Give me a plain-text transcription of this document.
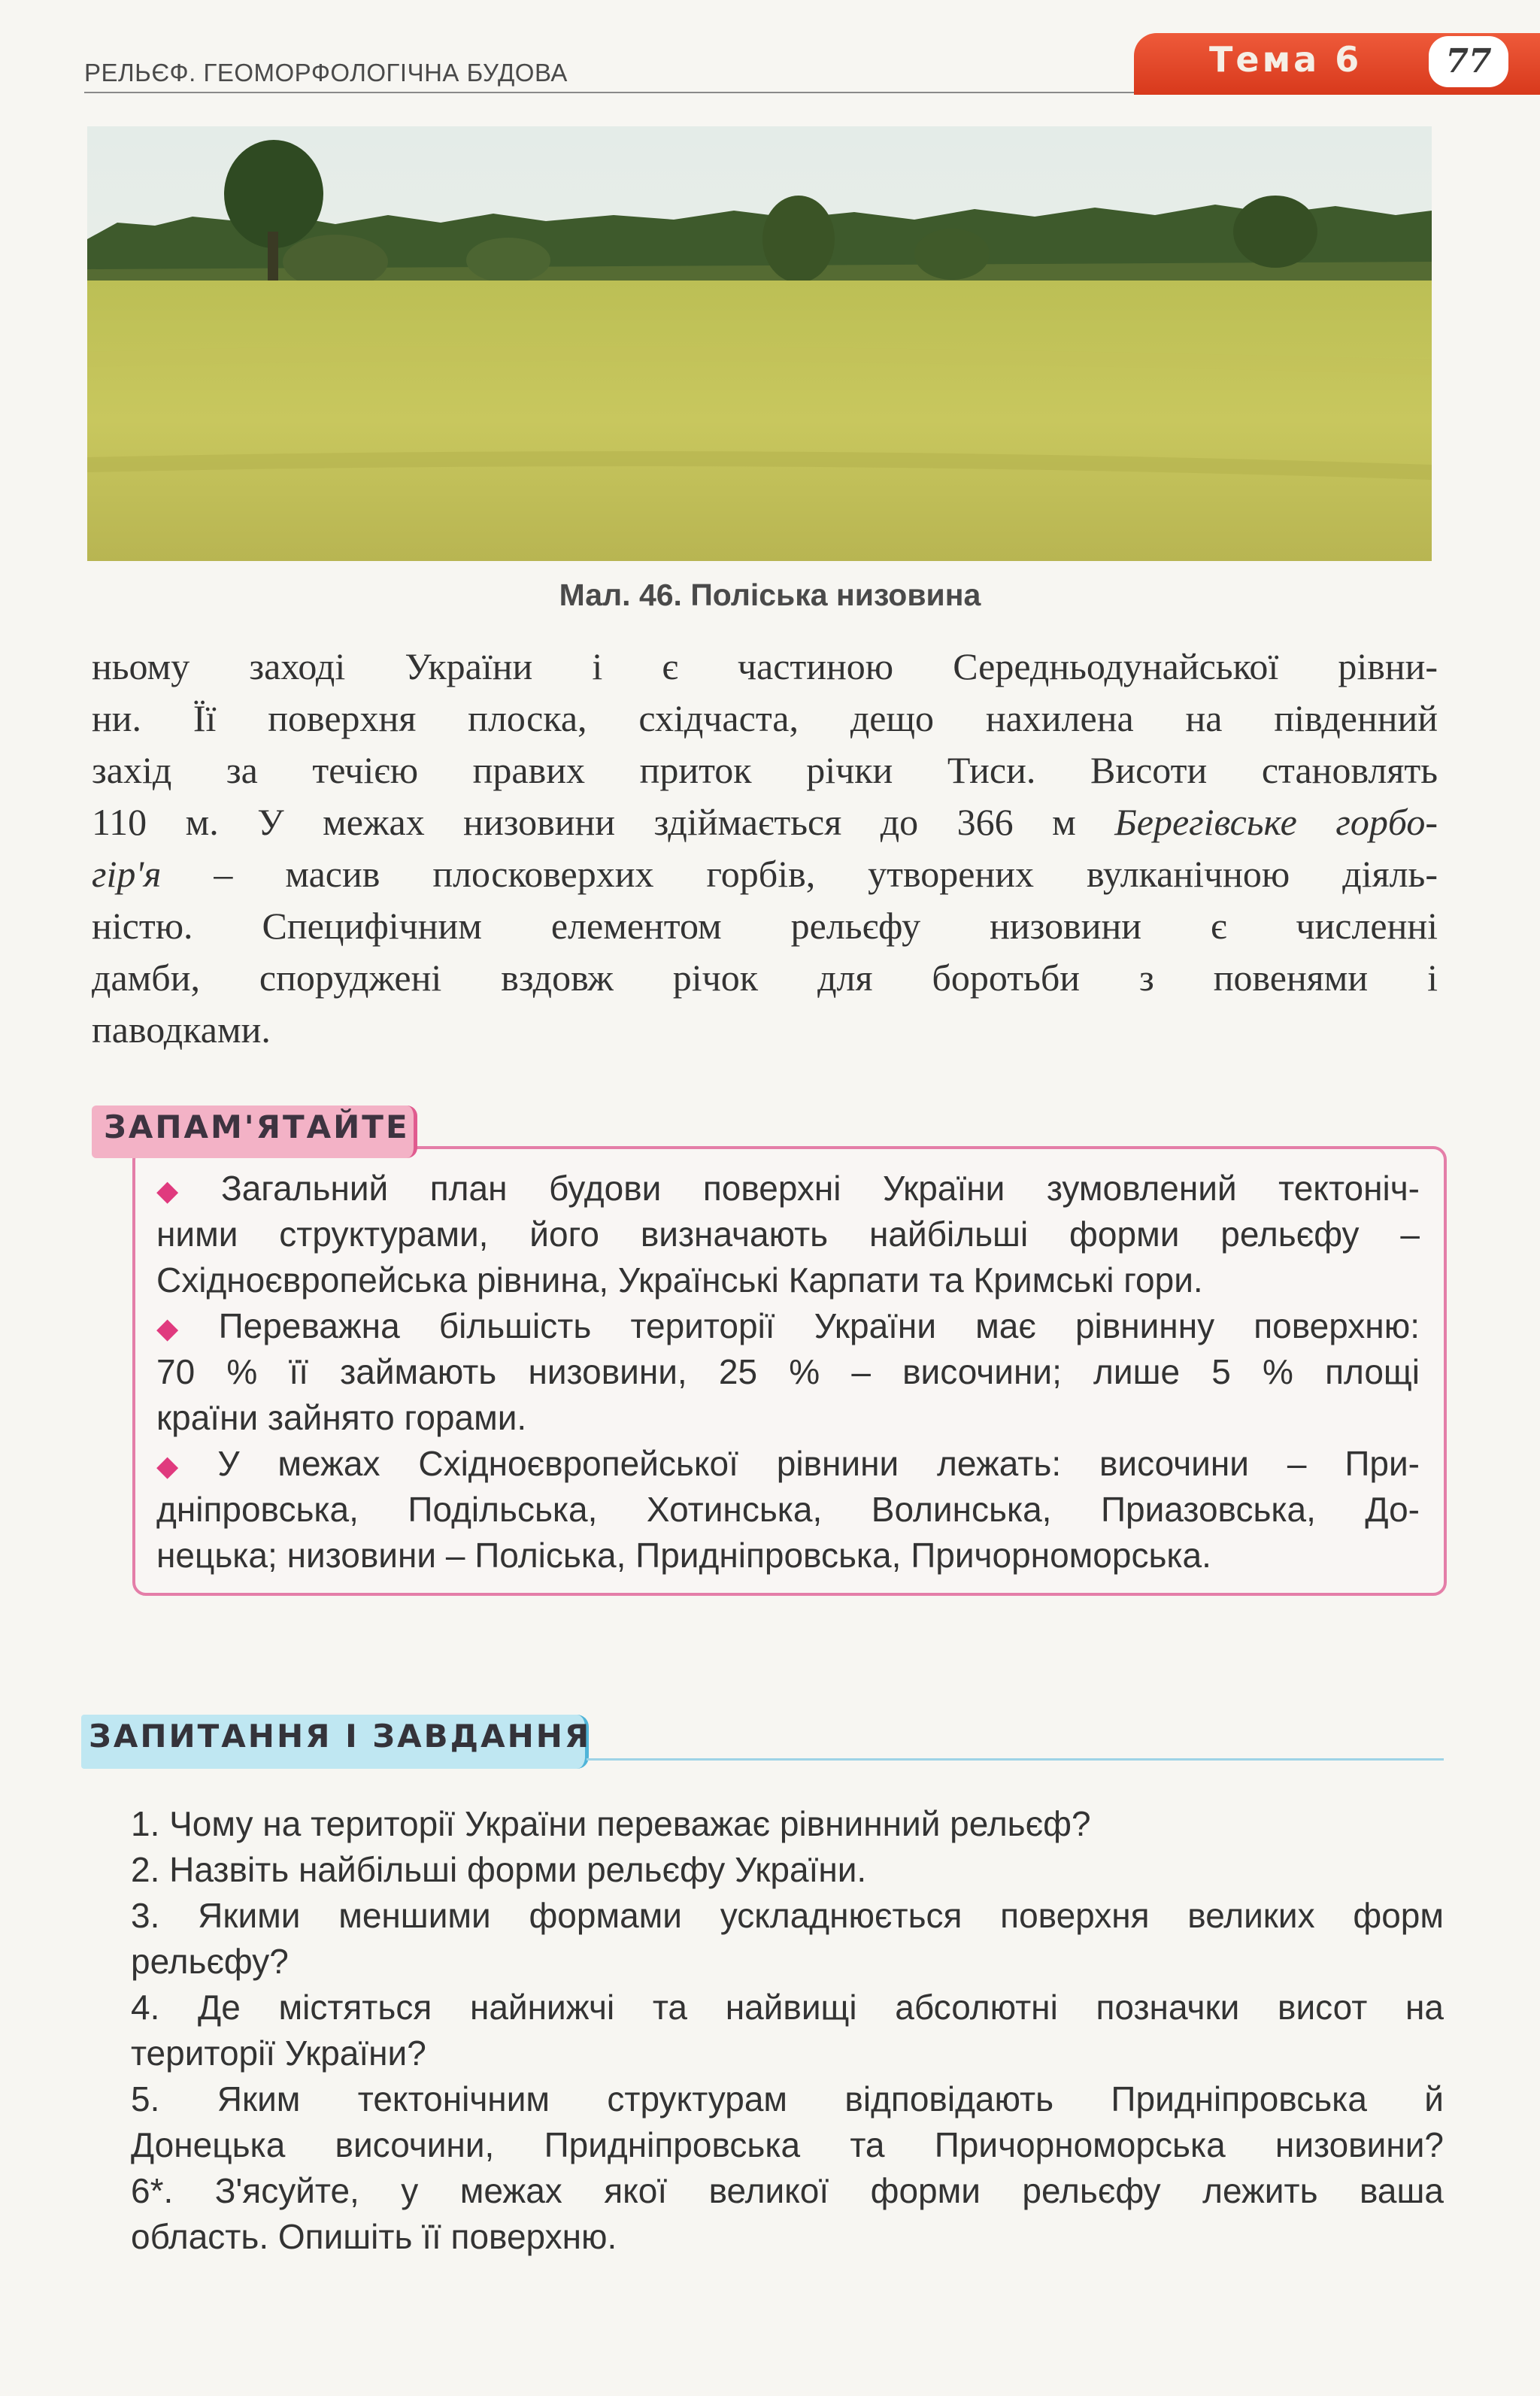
РЕЛЬЄФ. ГЕОМОРФОЛОГІЧНА БУДОВА	Тема 6	77
Мал. 46. Поліська низовина
ньому заході України і є частиною Середньодунайської рівни-
ни. Її поверхня плоска, східчаста, дещо нахилена на південний
захід за течією правих приток річки Тиси. Висоти становлять
110 м. У межах низовини здіймається до 366 м Берегівське горбо-
гір'я – масив плосковерхих горбів, утворених вулканічною діяль-
ністю. Специфічним елементом рельєфу низовини є численні
дамби, споруджені вздовж річок для боротьби з повенями і
паводками.
ЗАПАМ'ЯТАЙТЕ
◆ Загальний план будови поверхні України зумовлений тектоніч-
ними структурами, його визначають найбільші форми рельєфу –
Східноєвропейська рівнина, Українські Карпати та Кримські гори.
◆ Переважна більшість території України має рівнинну поверхню:
70 % її займають низовини, 25 % – височини; лише 5 % площі
країни зайнято горами.
◆ У межах Східноєвропейської рівнини лежать: височини – При-
дніпровська, Подільська, Хотинська, Волинська, Приазовська, До-
нецька; низовини – Поліська, Придніпровська, Причорноморська.
ЗАПИТАННЯ І ЗАВДАННЯ
1. Чому на території України переважає рівнинний рельєф?
2. Назвіть найбільші форми рельєфу України.
3. Якими меншими формами ускладнюється поверхня великих форм
рельєфу?
4. Де містяться найнижчі та найвищі абсолютні позначки висот на
території України?
5. Яким тектонічним структурам відповідають Придніпровська й
Донецька височини, Придніпровська та Причорноморська низовини?
6*. З'ясуйте, у межах якої великої форми рельєфу лежить ваша
область. Опишіть її поверхню.
